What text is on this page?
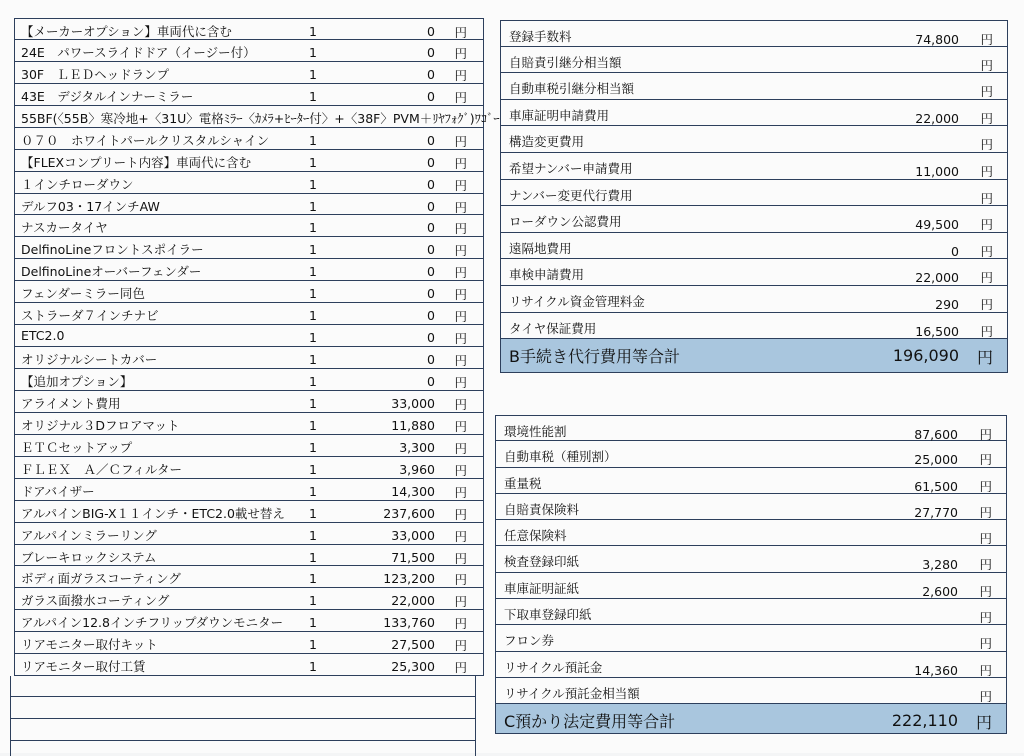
【メーカーオプション】車両代に含む	1	0 円
24E　パワースライドドア（イージー付）	1	0 円
30F　ＬＥＤヘッドランプ	1	0 円
43E　デジタルインナーミラー	1	0 円
55BF(〈55B〉寒冷地+〈31U〉電格ﾐﾗｰ〈ｶﾒﾗ+ﾋｰﾀｰ付〉+〈38F〉PVM＋ﾘﾔﾌｫｸﾞ)ﾜｺﾞｰ
０７０　ホワイトパールクリスタルシャイン	1	0 円
【FLEXコンプリート内容】車両代に含む	1	0 円
１インチローダウン	1	0 円
デルフ03・17インチAW	1	0 円
ナスカータイヤ	1	0 円
DelfinoLineフロントスポイラー	1	0 円
DelfinoLineオーバーフェンダー	1	0 円
フェンダーミラー同色	1	0 円
ストラーダ７インチナビ	1	0 円
ETC2.0	1	0 円
オリジナルシートカバー	1	0 円
【追加オプション】	1	0 円
アライメント費用	1	33,000 円
オリジナル３Dフロアマット	1	11,880 円
ＥＴＣセットアップ	1	3,300 円
ＦＬＥＸ　Ａ／Ｃフィルター	1	3,960 円
ドアバイザー	1	14,300 円
アルパインBIG-X１１インチ・ETC2.0載せ替え 1	237,600 円
アルパインミラーリング	1	33,000 円
ブレーキロックシステム	1	71,500 円
ボディ面ガラスコーティング	1	123,200 円
ガラス面撥水コーティング	1	22,000 円
アルパイン12.8インチフリップダウンモニター 1	133,760 円
リアモニター取付キット	1	27,500 円
リアモニター取付工賃	1	25,300 円
登録手数料	74,800 円
自賠責引継分相当額	円
自動車税引継分相当額	円
車庫証明申請費用	22,000 円
構造変更費用	円
希望ナンバー申請費用	11,000 円
ナンバー変更代行費用	円
ローダウン公認費用	49,500 円
遠隔地費用	0 円
車検申請費用	22,000 円
リサイクル資金管理料金	290 円
タイヤ保証費用	16,500 円
B手続き代行費用等合計	196,090 円
環境性能割	87,600 円
自動車税（種別割）	25,000 円
重量税	61,500 円
自賠責保険料	27,770 円
任意保険料	円
検査登録印紙	3,280 円
車庫証明証紙	2,600 円
下取車登録印紙	円
フロン券	円
リサイクル預託金	14,360 円
リサイクル預託金相当額	円
C預かり法定費用等合計	222,110 円
